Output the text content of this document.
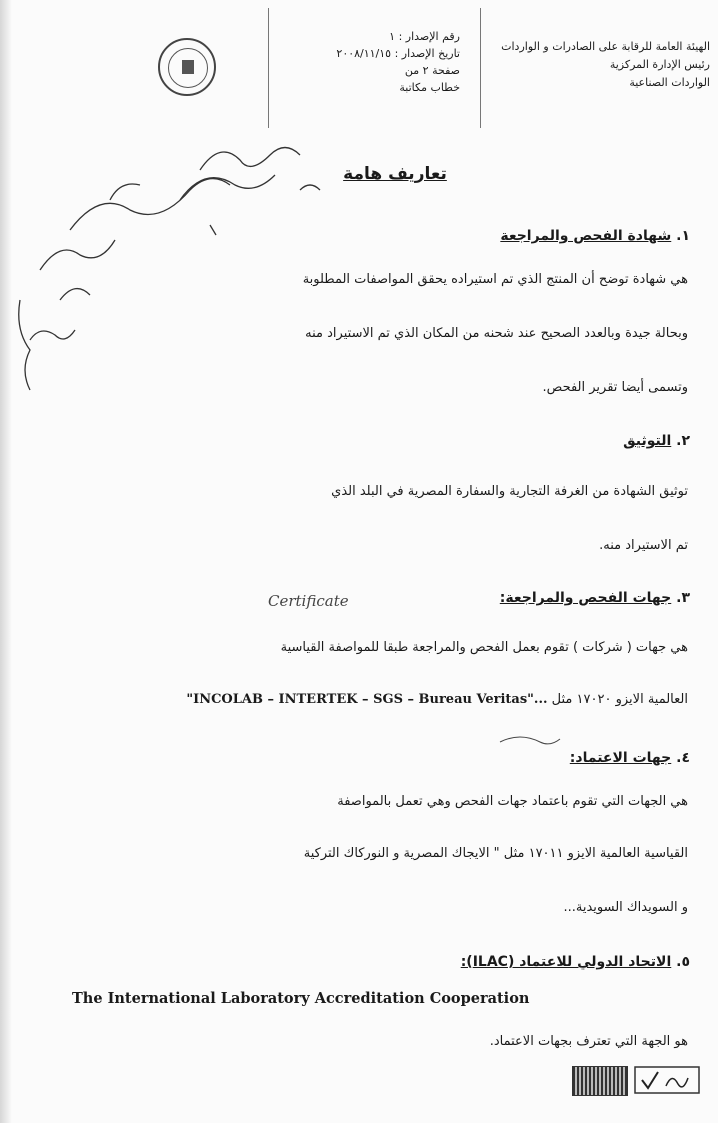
الهيئة العامة للرقابة على الصادرات و الواردات
رئيس الإدارة المركزية
الواردات الصناعية
رقم الإصدار : ١
تاريخ الإصدار : ٢٠٠٨/١١/١٥
صفحة ٢ من
خطاب مكاتبة
تعاريف هامة
١. شهادة الفحص والمراجعة
هي شهادة توضح أن المنتج الذي تم استيراده يحقق المواصفات المطلوبة
وبحالة جيدة وبالعدد الصحيح عند شحنه من المكان الذي تم الاستيراد منه
وتسمى أيضا تقرير الفحص.
٢. التوثيق
توثيق الشهادة من الغرفة التجارية والسفارة المصرية في البلد الذي
تم الاستيراد منه.
٣. جهات الفحص والمراجعة:
Certificate
هي جهات ( شركات ) تقوم بعمل الفحص والمراجعة طبقا للمواصفة القياسية
العالمية الايزو ١٧٠٢٠ مثل "INCOLAB – INTERTEK – SGS – Bureau Veritas"...
٤. جهات الاعتماد:
هي الجهات التي تقوم باعتماد جهات الفحص وهي تعمل بالمواصفة
القياسية العالمية الايزو ١٧٠١١ مثل " الايجاك المصرية و النوركاك التركية
و السويداك السويدية...
٥. الاتحاد الدولي للاعتماد (ILAC):
The International Laboratory Accreditation Cooperation
هو الجهة التي تعترف بجهات الاعتماد.
